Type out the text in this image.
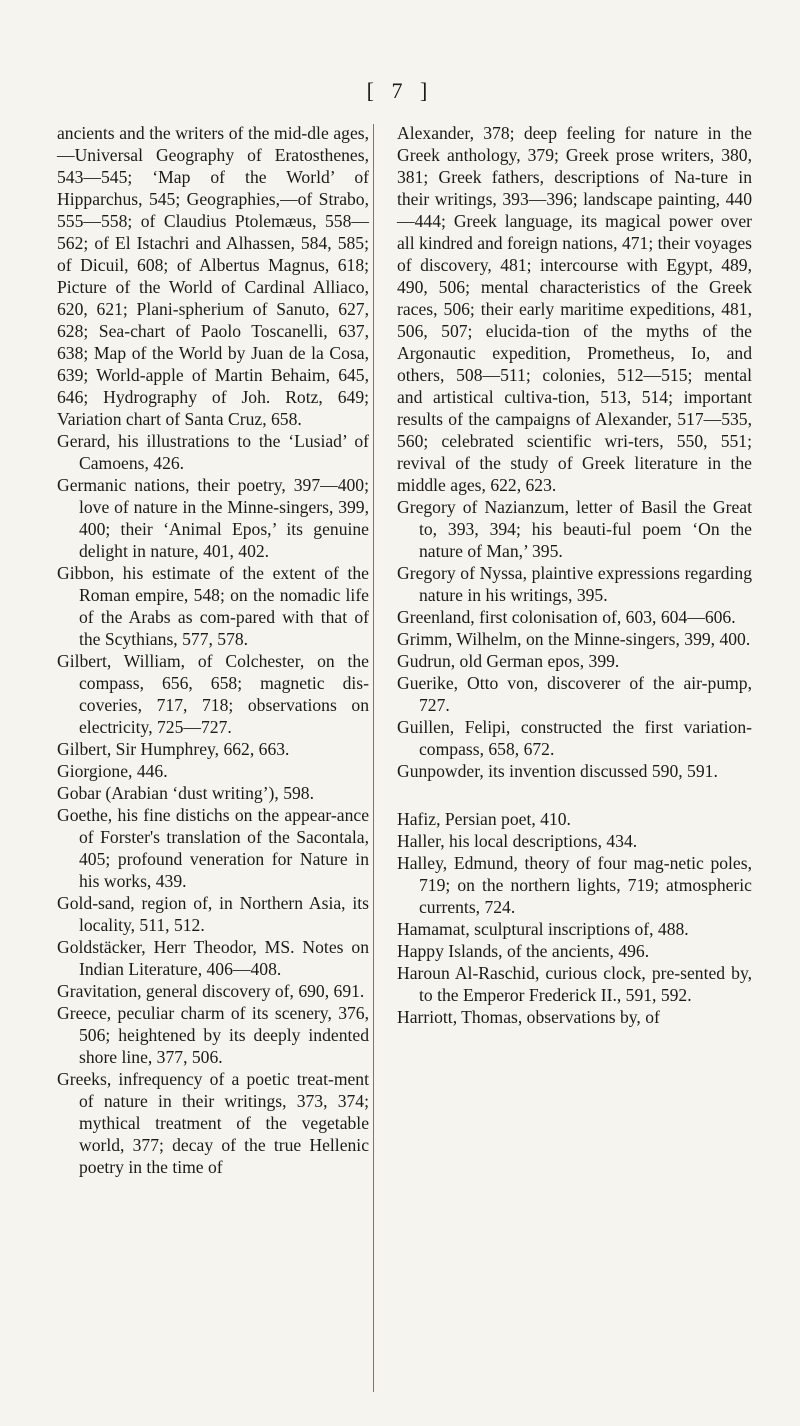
[ 7 ]

ancients and the writers of the mid-dle ages,—Universal Geography of Eratosthenes, 543—545; ‘Map of the World’ of Hipparchus, 545; Geographies,—of Strabo, 555—558; of Claudius Ptolemæus, 558—562; of El Istachri and Alhassen, 584, 585; of Dicuil, 608; of Albertus Magnus, 618; Picture of the World of Cardinal Alliaco, 620, 621; Plani-spherium of Sanuto, 627, 628; Sea-chart of Paolo Toscanelli, 637, 638; Map of the World by Juan de la Cosa, 639; World-apple of Martin Behaim, 645, 646; Hydrography of Joh. Rotz, 649; Variation chart of Santa Cruz, 658.

Gerard, his illustrations to the ‘Lusiad’ of Camoens, 426.

Germanic nations, their poetry, 397—400; love of nature in the Minne-singers, 399, 400; their ‘Animal Epos,’ its genuine delight in nature, 401, 402.

Gibbon, his estimate of the extent of the Roman empire, 548; on the nomadic life of the Arabs as com-pared with that of the Scythians, 577, 578.

Gilbert, William, of Colchester, on the compass, 656, 658; magnetic dis-coveries, 717, 718; observations on electricity, 725—727.

Gilbert, Sir Humphrey, 662, 663.

Giorgione, 446.

Gobar (Arabian ‘dust writing’), 598.

Goethe, his fine distichs on the appear-ance of Forster's translation of the Sacontala, 405; profound veneration for Nature in his works, 439.

Gold-sand, region of, in Northern Asia, its locality, 511, 512.

Goldstäcker, Herr Theodor, MS. Notes on Indian Literature, 406—408.

Gravitation, general discovery of, 690, 691.

Greece, peculiar charm of its scenery, 376, 506; heightened by its deeply indented shore line, 377, 506.

Greeks, infrequency of a poetic treat-ment of nature in their writings, 373, 374; mythical treatment of the vegetable world, 377; decay of the true Hellenic poetry in the time of

Alexander, 378; deep feeling for nature in the Greek anthology, 379; Greek prose writers, 380, 381; Greek fathers, descriptions of Na-ture in their writings, 393—396; landscape painting, 440—444; Greek language, its magical power over all kindred and foreign nations, 471; their voyages of discovery, 481; intercourse with Egypt, 489, 490, 506; mental characteristics of the Greek races, 506; their early maritime expeditions, 481, 506, 507; elucida-tion of the myths of the Argonautic expedition, Prometheus, Io, and others, 508—511; colonies, 512—515; mental and artistical cultiva-tion, 513, 514; important results of the campaigns of Alexander, 517—535, 560; celebrated scientific wri-ters, 550, 551; revival of the study of Greek literature in the middle ages, 622, 623.

Gregory of Nazianzum, letter of Basil the Great to, 393, 394; his beauti-ful poem ‘On the nature of Man,’ 395.

Gregory of Nyssa, plaintive expressions regarding nature in his writings, 395.

Greenland, first colonisation of, 603, 604—606.

Grimm, Wilhelm, on the Minne-singers, 399, 400.

Gudrun, old German epos, 399.

Guerike, Otto von, discoverer of the air-pump, 727.

Guillen, Felipi, constructed the first variation-compass, 658, 672.

Gunpowder, its invention discussed 590, 591.

Hafiz, Persian poet, 410.

Haller, his local descriptions, 434.

Halley, Edmund, theory of four mag-netic poles, 719; on the northern lights, 719; atmospheric currents, 724.

Hamamat, sculptural inscriptions of, 488.

Happy Islands, of the ancients, 496.

Haroun Al-Raschid, curious clock, pre-sented by, to the Emperor Frederick II., 591, 592.

Harriott, Thomas, observations by, of
